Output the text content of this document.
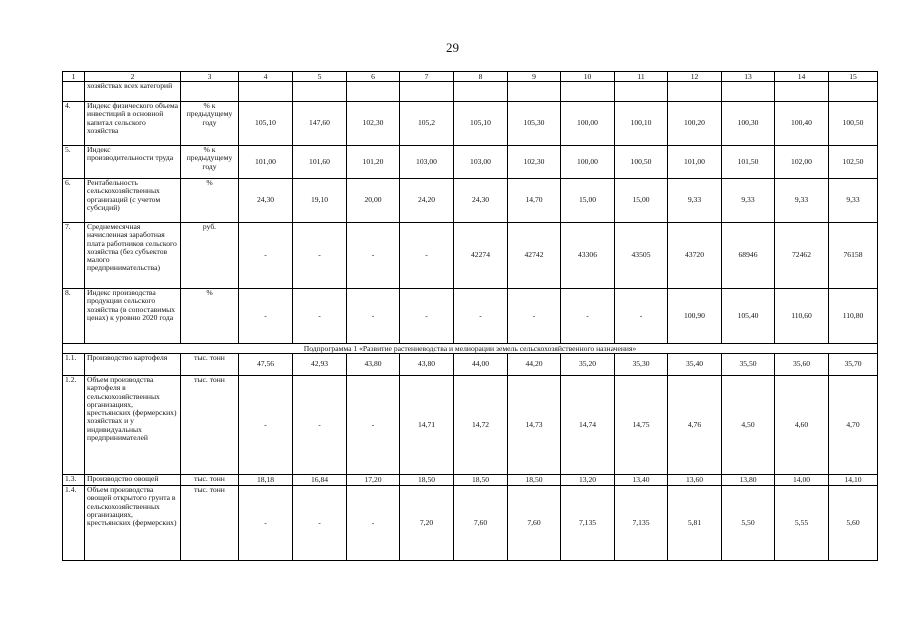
29
1	2	3	4	5	6	7	8	9	10	11	12	13	14	15
	хозяйствах всех категорий													
4.	Индекс физического объема инвестиций в основной капитал сельского хозяйства	% к предыдущему году	105,10	147,60	102,30	105,2	105,10	105,30	100,00	100,10	100,20	100,30	100,40	100,50
5.	Индекс производительности труда	% к предыдущему году	101,00	101,60	101,20	103,00	103,00	102,30	100,00	100,50	101,00	101,50	102,00	102,50
6.	Рентабельность сельскохозяйственных организаций (с учетом субсидий)	%	24,30	19,10	20,00	24,20	24,30	14,70	15,00	15,00	9,33	9,33	9,33	9,33
7.	Среднемесячная начисленная заработная плата работников сельского хозяйства (без субъектов малого предпринимательства)	руб.	-	-	-	-	42274	42742	43306	43505	43720	68946	72462	76158
8.	Индекс производства продукции сельского хозяйства (в сопоставимых ценах) к уровню 2020 года	%	-	-	-	-	-	-	-	-	100,90	105,40	110,60	110,80
Подпрограмма 1 «Развитие растениеводства и мелиорации земель сельскохозяйственного назначения»														
1.1.	Производство картофеля	тыс. тонн	47,56	42,93	43,80	43,80	44,00	44,20	35,20	35,30	35,40	35,50	35,60	35,70
1.2.	Объем производства картофеля в сельскохозяйственных организациях, крестьянских (фермерских) хозяйствах и у индивидуальных предпринимателей	тыс. тонн	-	-	-	14,71	14,72	14,73	14,74	14,75	4,76	4,50	4,60	4,70
1.3.	Производство овощей	тыс. тонн	18,18	16,84	17,20	18,50	18,50	18,50	13,20	13,40	13,60	13,80	14,00	14,10
1.4.	Объем производства овощей открытого грунта в сельскохозяйственных организациях, крестьянских (фермерских)	тыс. тонн	-	-	-	7,20	7,60	7,60	7,135	7,135	5,81	5,50	5,55	5,60
